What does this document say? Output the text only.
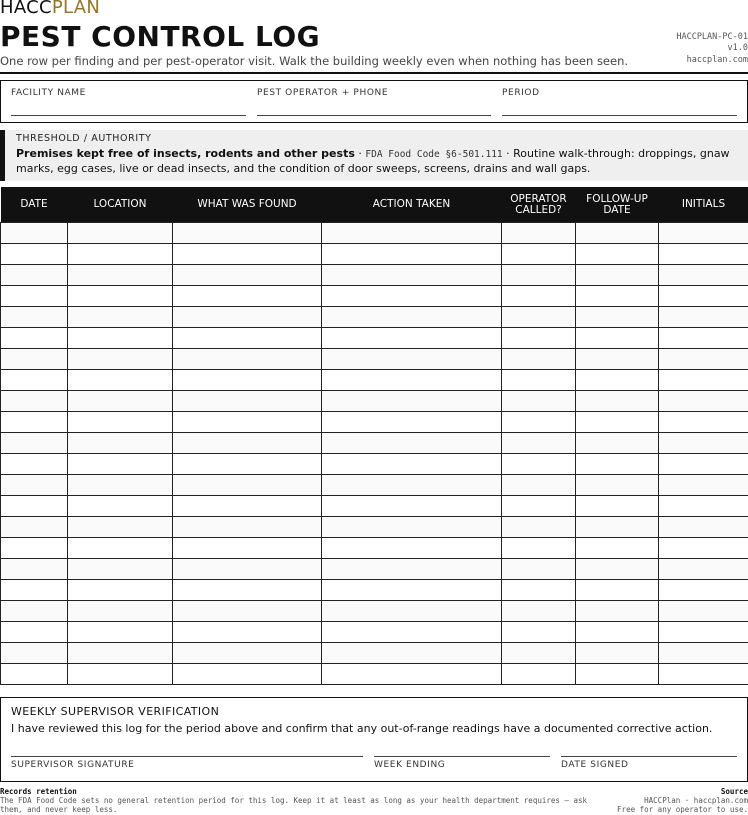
HACCPLAN
PEST CONTROL LOG
One row per finding and per pest-operator visit. Walk the building weekly even when nothing has been seen.
HACCPLAN-PC-01
v1.0
haccplan.com
FACILITY NAME	PEST OPERATOR + PHONE	PERIOD
THRESHOLD / AUTHORITY
Premises kept free of insects, rodents and other pests · FDA Food Code §6-501.111 · Routine walk-through: droppings, gnaw marks, egg cases, live or dead insects, and the condition of door sweeps, screens, drains and wall gaps.
DATE	LOCATION	WHAT WAS FOUND	ACTION TAKEN	OPERATOR CALLED?	FOLLOW-UP DATE	INITIALS

WEEKLY SUPERVISOR VERIFICATION
I have reviewed this log for the period above and confirm that any out-of-range readings have a documented corrective action.
SUPERVISOR SIGNATURE	WEEK ENDING	DATE SIGNED
Records retention
The FDA Food Code sets no general retention period for this log. Keep it at least as long as your health department requires — ask them, and never keep less.
Source
HACCPlan · haccplan.com
Free for any operator to use.
